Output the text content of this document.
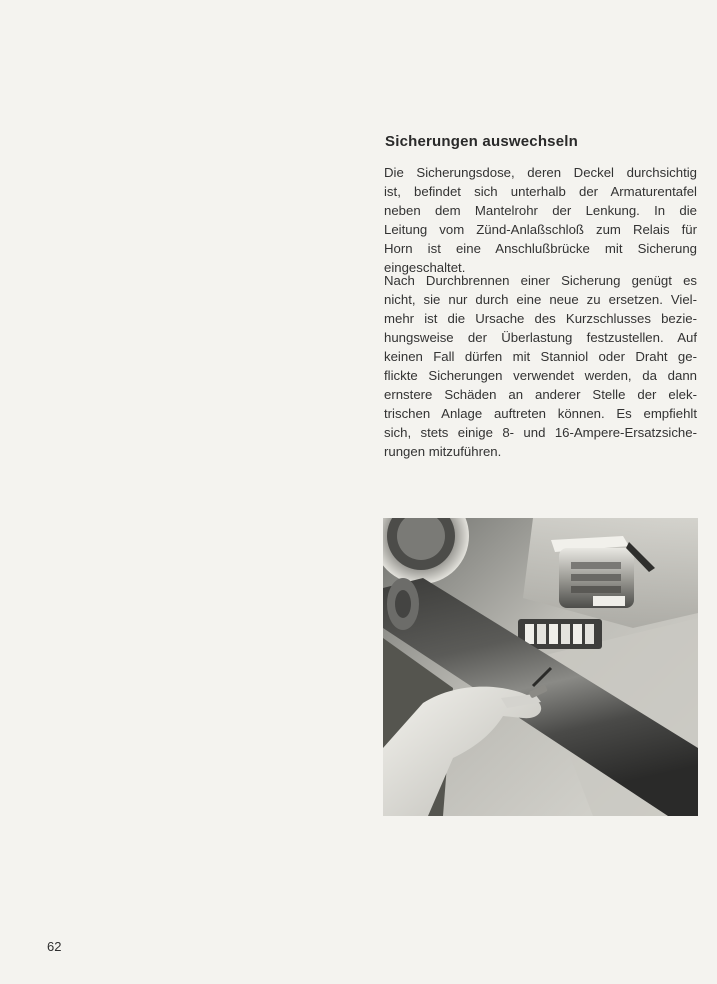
Sicherungen auswechseln
Die Sicherungsdose, deren Deckel durchsichtig
ist, befindet sich unterhalb der Armaturentafel
neben dem Mantelrohr der Lenkung. In die
Leitung vom Zünd-Anlaßschloß zum Relais für
Horn ist eine Anschlußbrücke mit Sicherung
eingeschaltet.
Nach Durchbrennen einer Sicherung genügt es
nicht, sie nur durch eine neue zu ersetzen. Viel-
mehr ist die Ursache des Kurzschlusses bezie-
hungsweise der Überlastung festzustellen. Auf
keinen Fall dürfen mit Stanniol oder Draht ge-
flickte Sicherungen verwendet werden, da dann
ernstere Schäden an anderer Stelle der elek-
trischen Anlage auftreten können. Es empfiehlt
sich, stets einige 8- und 16-Ampere-Ersatzsiche-
rungen mitzuführen.
62
